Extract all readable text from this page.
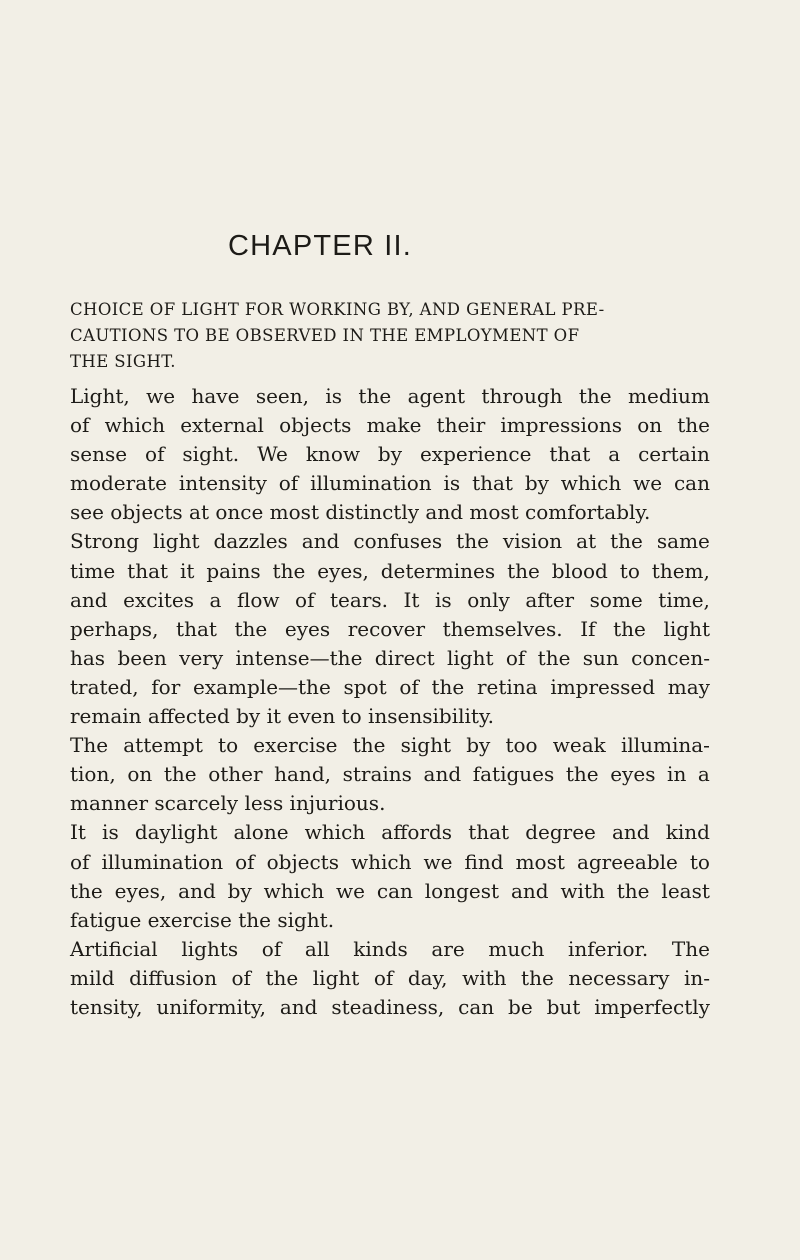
CHAPTER II.
CHOICE OF LIGHT FOR WORKING BY, AND GENERAL PRE-
CAUTIONS TO BE OBSERVED IN THE EMPLOYMENT OF
THE SIGHT.
Light, we have seen, is the agent through the medium
of which external objects make their impressions on the
sense of sight. We know by experience that a certain
moderate intensity of illumination is that by which we can
see objects at once most distinctly and most comfortably.
Strong light dazzles and confuses the vision at the same
time that it pains the eyes, determines the blood to them,
and excites a flow of tears. It is only after some time,
perhaps, that the eyes recover themselves. If the light
has been very intense—the direct light of the sun concen-
trated, for example—the spot of the retina impressed may
remain affected by it even to insensibility.
The attempt to exercise the sight by too weak illumina-
tion, on the other hand, strains and fatigues the eyes in a
manner scarcely less injurious.
It is daylight alone which affords that degree and kind
of illumination of objects which we find most agreeable to
the eyes, and by which we can longest and with the least
fatigue exercise the sight.
Artificial lights of all kinds are much inferior. The
mild diffusion of the light of day, with the necessary in-
tensity, uniformity, and steadiness, can be but imperfectly
